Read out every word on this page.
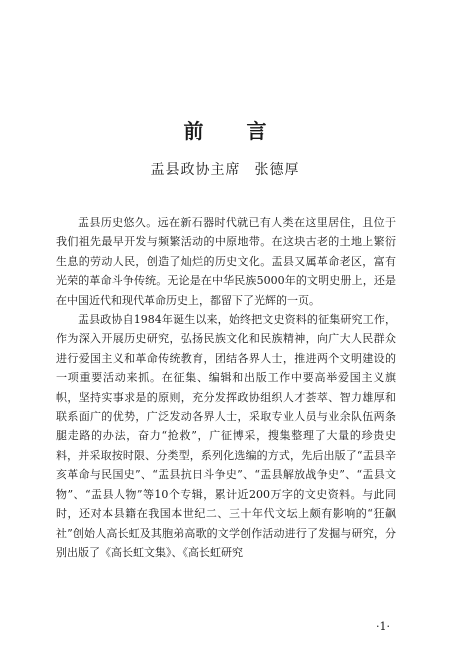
前 言
盂县政协主席 张德厚

盂县历史悠久。远在新石器时代就已有人类在这里居住，且位于我们祖先最早开发与频繁活动的中原地带。在这块古老的土地上繁衍生息的劳动人民，创造了灿烂的历史文化。盂县又属革命老区，富有光荣的革命斗争传统。无论是在中华民族5000年的文明史册上，还是在中国近代和现代革命历史上，都留下了光辉的一页。

盂县政协自1984年诞生以来，始终把文史资料的征集研究工作，作为深入开展历史研究，弘扬民族文化和民族精神，向广大人民群众进行爱国主义和革命传统教育，团结各界人士，推进两个文明建设的一项重要活动来抓。在征集、编辑和出版工作中要高举爱国主义旗帜，坚持实事求是的原则，充分发挥政协组织人才荟萃、智力雄厚和联系面广的优势，广泛发动各界人士，采取专业人员与业余队伍两条腿走路的办法，奋力“抢救”，广征博采，搜集整理了大量的珍贵史料，并采取按时限、分类型，系列化选编的方式，先后出版了“盂县辛亥革命与民国史”、“盂县抗日斗争史”、“盂县解放战争史”、“盂县文物”、“盂县人物”等10个专辑，累计近200万字的文史资料。与此同时，还对本县籍在我国本世纪二、三十年代文坛上颇有影响的“狂飙社”创始人高长虹及其胞弟高歌的文学创作活动进行了发掘与研究，分别出版了《高长虹文集》、《高长虹研究

·1·
